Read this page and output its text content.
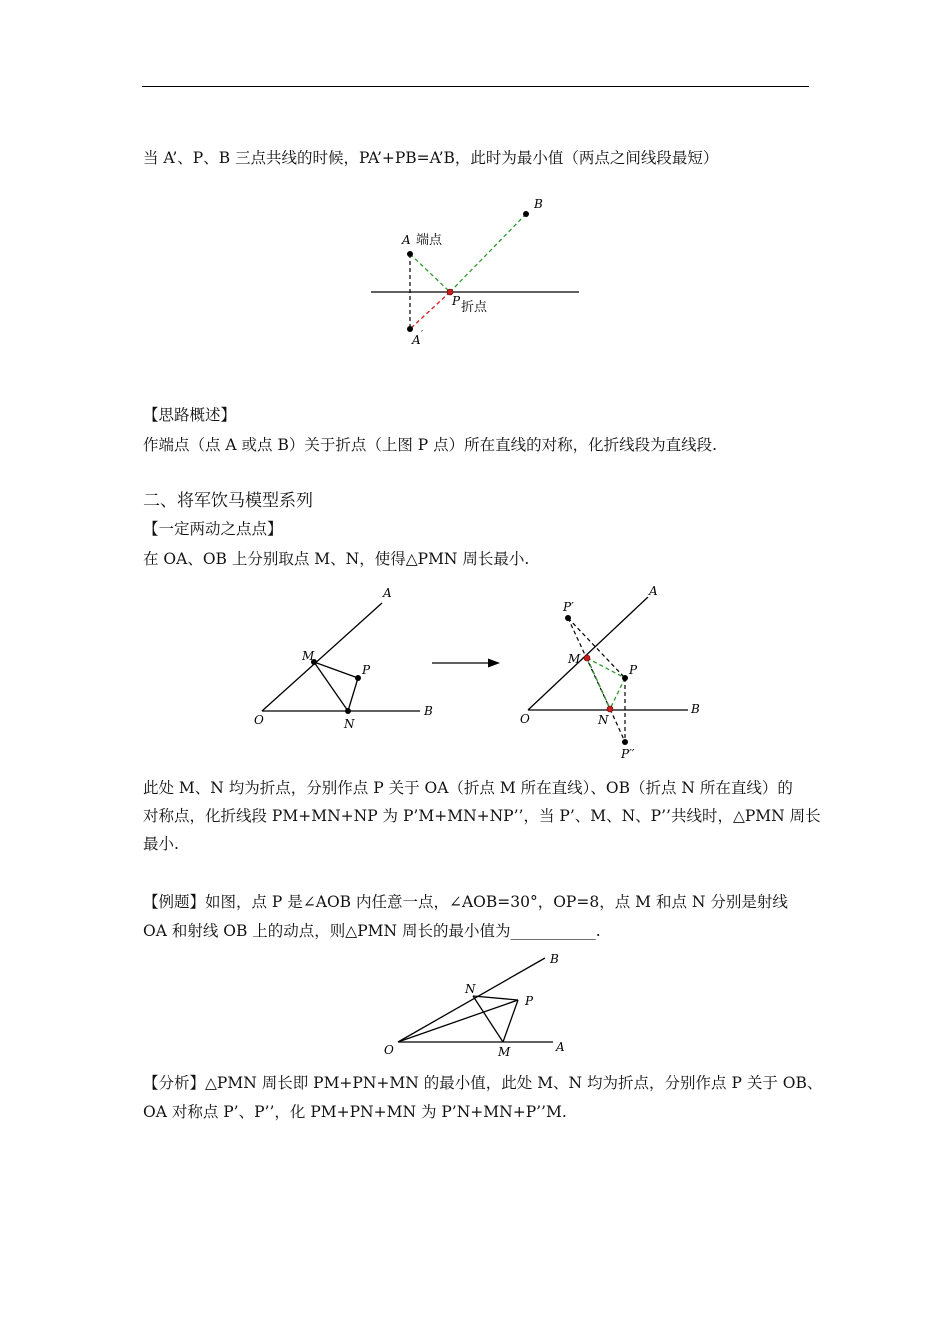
当 A’、P、B 三点共线的时候，PA’+PB=A’B，此时为最小值（两点之间线段最短）
B
A 端点
P 折点
A ′
【思路概述】
作端点（点 A 或点 B）关于折点（上图 P 点）所在直线的对称，化折线段为直线段.
二、将军饮马模型系列
【一定两动之点点】
在 OA、OB 上分别取点 M、N，使得△PMN 周长最小.
A
M
P
O	N
B
A
P′
M
P
O	N
B
P′′
此处 M、N 均为折点，分别作点 P 关于 OA（折点 M 所在直线）、OB（折点 N 所在直线）的
对称点，化折线段 PM+MN+NP 为 P’M+MN+NP’’，当 P’、M、N、P’’共线时，△PMN 周长
最小.
【例题】如图，点 P 是∠AOB 内任意一点，∠AOB=30°，OP=8，点 M 和点 N 分别是射线
OA 和射线 OB 上的动点，则△PMN 周长的最小值为___________.
B
N
P
O	M	A
【分析】△PMN 周长即 PM+PN+MN 的最小值，此处 M、N 均为折点，分别作点 P 关于 OB、
OA 对称点 P’、P’’，化 PM+PN+MN 为 P’N+MN+P’’M.
